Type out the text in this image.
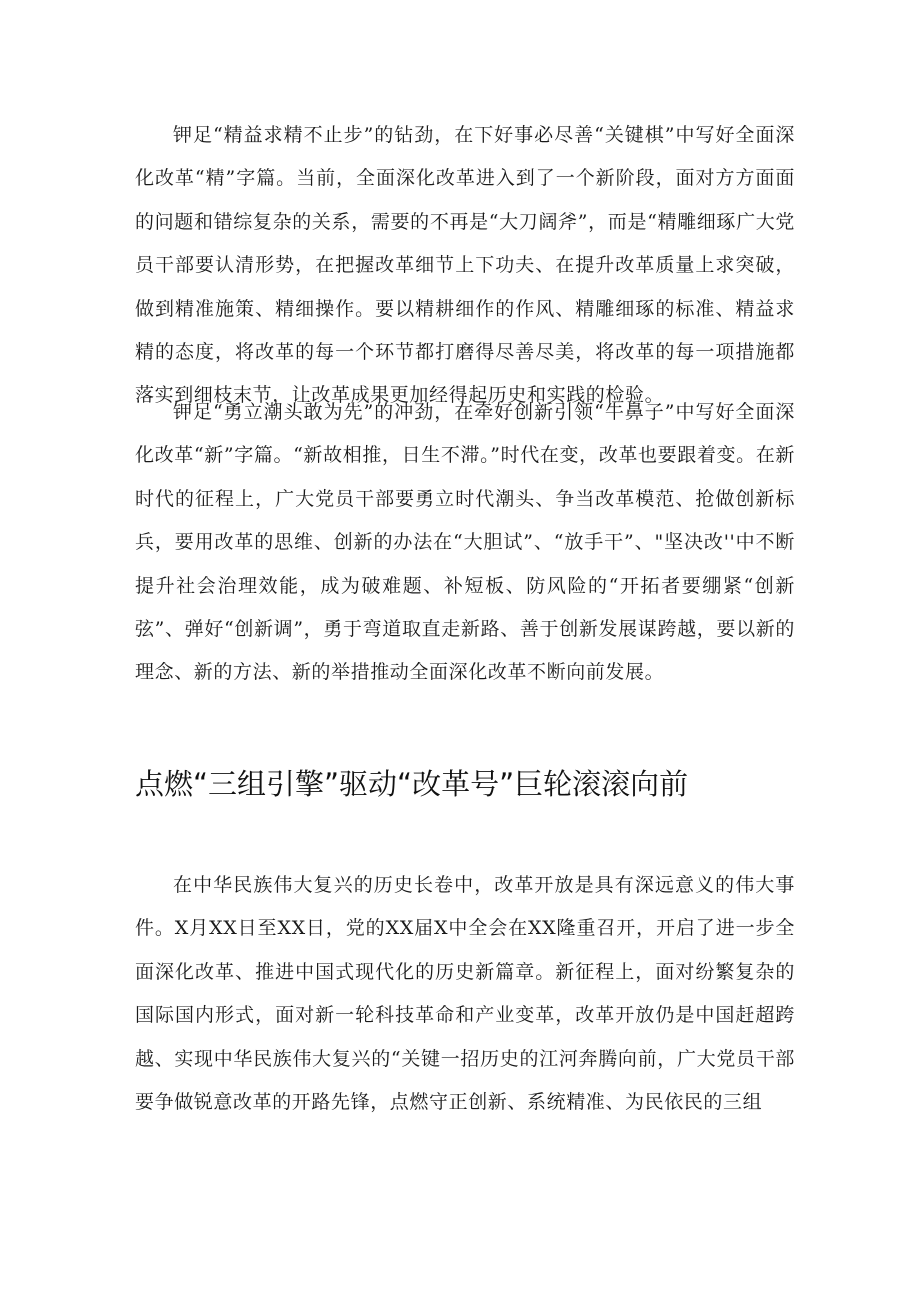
钾足“精益求精不止步”的钻劲，在下好事必尽善“关键棋”中写好全面深化改革“精”字篇。当前，全面深化改革进入到了一个新阶段，面对方方面面的问题和错综复杂的关系，需要的不再是“大刀阔斧”，而是“精雕细琢广大党员干部要认清形势，在把握改革细节上下功夫、在提升改革质量上求突破，做到精准施策、精细操作。要以精耕细作的作风、精雕细琢的标准、精益求精的态度，将改革的每一个环节都打磨得尽善尽美，将改革的每一项措施都落实到细枝末节，让改革成果更加经得起历史和实践的检验。

钾足“勇立潮头敢为先”的冲劲，在牵好创新引领“牛鼻子”中写好全面深化改革“新”字篇。“新故相推，日生不滞。”时代在变，改革也要跟着变。在新时代的征程上，广大党员干部要勇立时代潮头、争当改革模范、抢做创新标兵，要用改革的思维、创新的办法在“大胆试”、“放手干”、"坚决改''中不断提升社会治理效能，成为破难题、补短板、防风险的“开拓者要绷紧“创新弦”、弹好“创新调”，勇于弯道取直走新路、善于创新发展谋跨越，要以新的理念、新的方法、新的举措推动全面深化改革不断向前发展。

点燃“三组引擎”驱动“改革号”巨轮滚滚向前

在中华民族伟大复兴的历史长卷中，改革开放是具有深远意义的伟大事件。X月XX日至XX日，党的XX届X中全会在XX隆重召开，开启了进一步全面深化改革、推进中国式现代化的历史新篇章。新征程上，面对纷繁复杂的国际国内形式，面对新一轮科技革命和产业变革，改革开放仍是中国赶超跨越、实现中华民族伟大复兴的“关键一招历史的江河奔腾向前，广大党员干部要争做锐意改革的开路先锋，点燃守正创新、系统精准、为民依民的三组
